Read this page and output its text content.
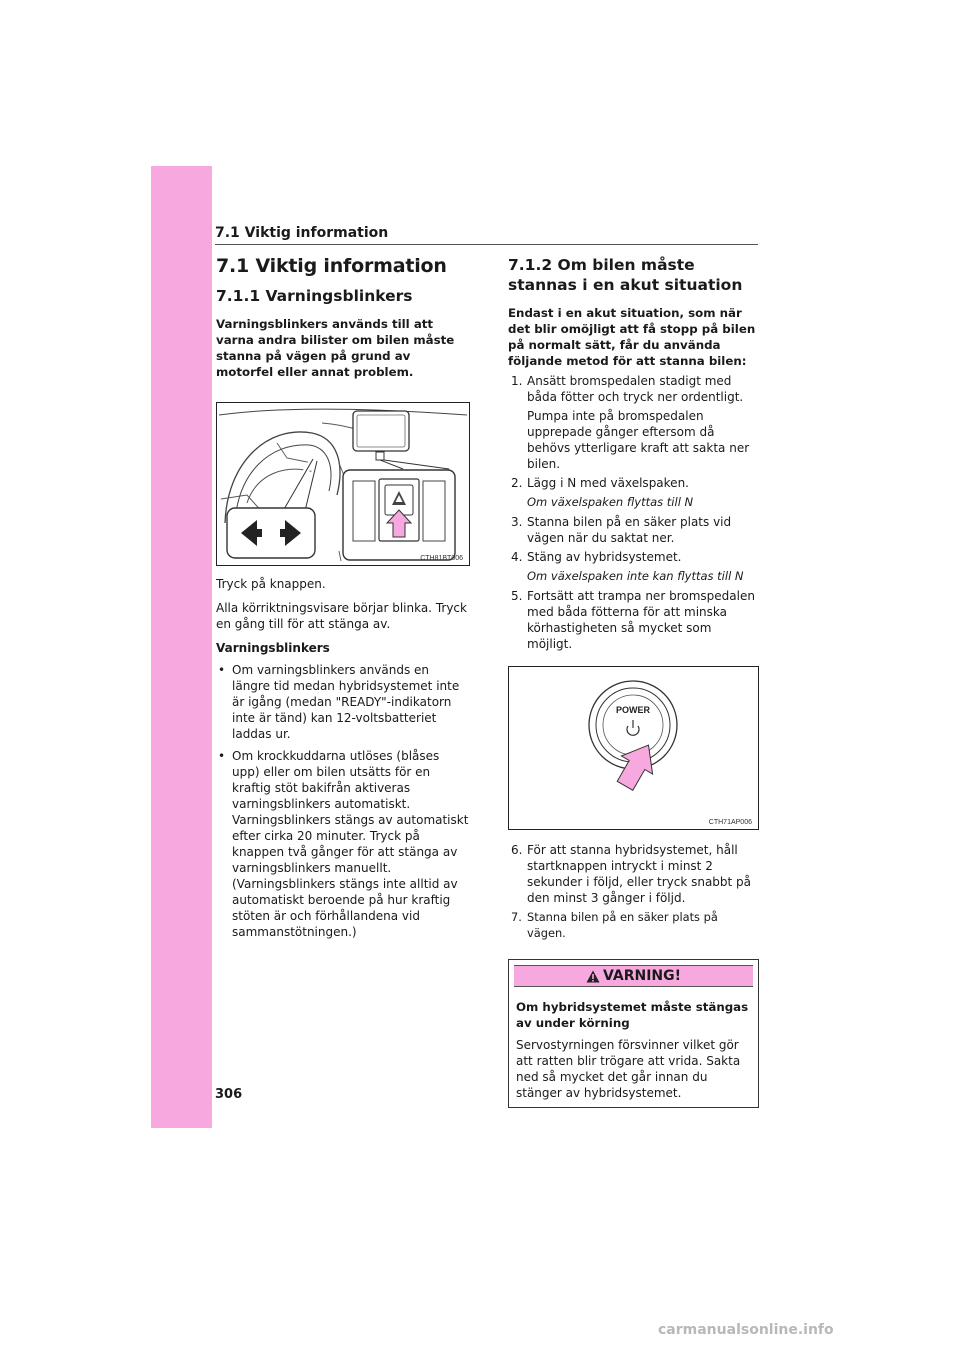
7.1 Viktig information
7.1 Viktig information
7.1.1 Varningsblinkers

Varningsblinkers används till att varna andra bilister om bilen måste stanna på vägen på grund av motorfel eller annat problem.

CTH81BT006

Tryck på knappen.

Alla körriktningsvisare börjar blinka. Tryck en gång till för att stänga av.

Varningsblinkers

• Om varningsblinkers används en längre tid medan hybridsystemet inte är igång (medan "READY"-indikatorn inte är tänd) kan 12-voltsbatteriet laddas ur.
• Om krockkuddarna utlöses (blåses upp) eller om bilen utsätts för en kraftig stöt bakifrån aktiveras varningsblinkers automatiskt. Varningsblinkers stängs av automatiskt efter cirka 20 minuter. Tryck på knappen två gånger för att stänga av varningsblinkers manuellt. (Varningsblinkers stängs inte alltid av automatiskt beroende på hur kraftig stöten är och förhållandena vid sammanstötningen.)

7.1.2 Om bilen måste stannas i en akut situation

Endast i en akut situation, som när det blir omöjligt att få stopp på bilen på normalt sätt, får du använda följande metod för att stanna bilen:

1. Ansätt bromspedalen stadigt med båda fötter och tryck ner ordentligt.

Pumpa inte på bromspedalen upprepade gånger eftersom då behövs ytterligare kraft att sakta ner bilen.

2. Lägg i N med växelspaken.

Om växelspaken flyttas till N

3. Stanna bilen på en säker plats vid vägen när du saktat ner.
4. Stäng av hybridsystemet.

Om växelspaken inte kan flyttas till N

5. Fortsätt att trampa ner bromspedalen med båda fötterna för att minska körhastigheten så mycket som möjligt.
POWER
CTH71AP006
6. För att stanna hybridsystemet, håll startknappen intryckt i minst 2 sekunder i följd, eller tryck snabbt på den minst 3 gånger i följd.
7. Stanna bilen på en säker plats på vägen.
VARNING!

Om hybridsystemet måste stängas av under körning

Servostyrningen försvinner vilket gör att ratten blir trögare att vrida. Sakta ned så mycket det går innan du stänger av hybridsystemet.

306
carmanualsonline.info
